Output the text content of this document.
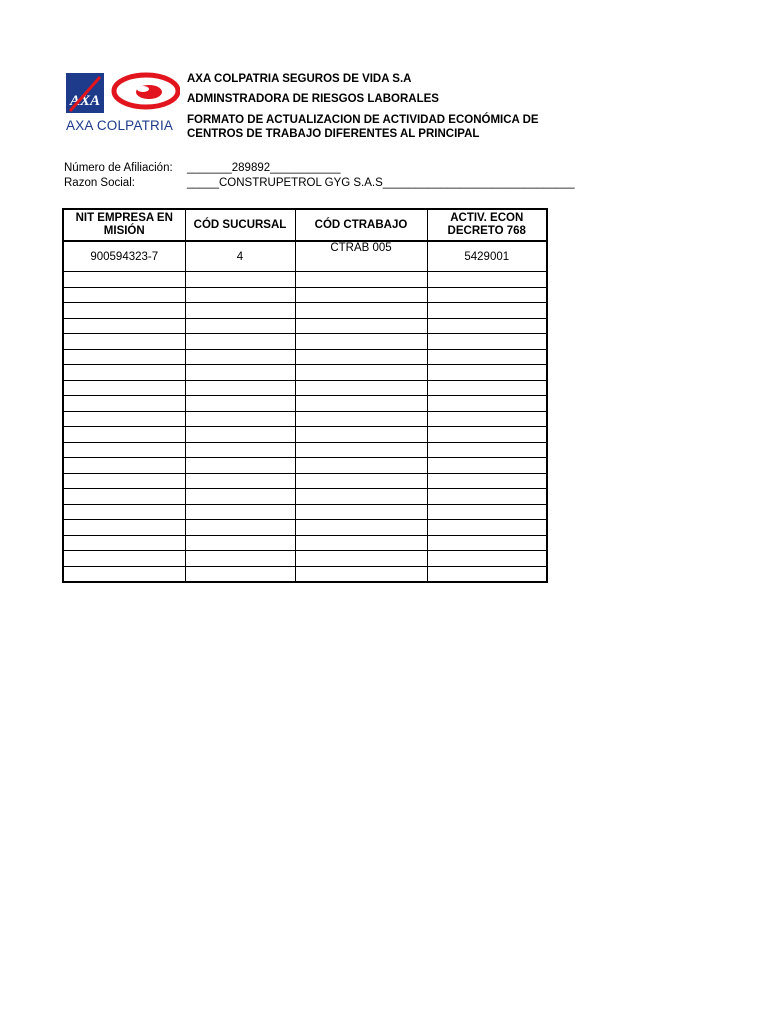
AXA
AXA COLPATRIA
AXA COLPATRIA SEGUROS DE VIDA S.A
ADMINSTRADORA DE RIESGOS LABORALES
FORMATO DE ACTUALIZACION DE ACTIVIDAD ECONÓMICA DE
CENTROS DE TRABAJO DIFERENTES AL PRINCIPAL
Número de Afiliación: _______289892___________
Razon Social:	_____CONSTRUPETROL GYG S.A.S______________________________
NIT EMPRESA EN MISIÓN	CÓD SUCURSAL	CÓD CTRABAJO	ACTIV. ECON DECRETO 768
900594323-7	4	CTRAB 005	5429001
